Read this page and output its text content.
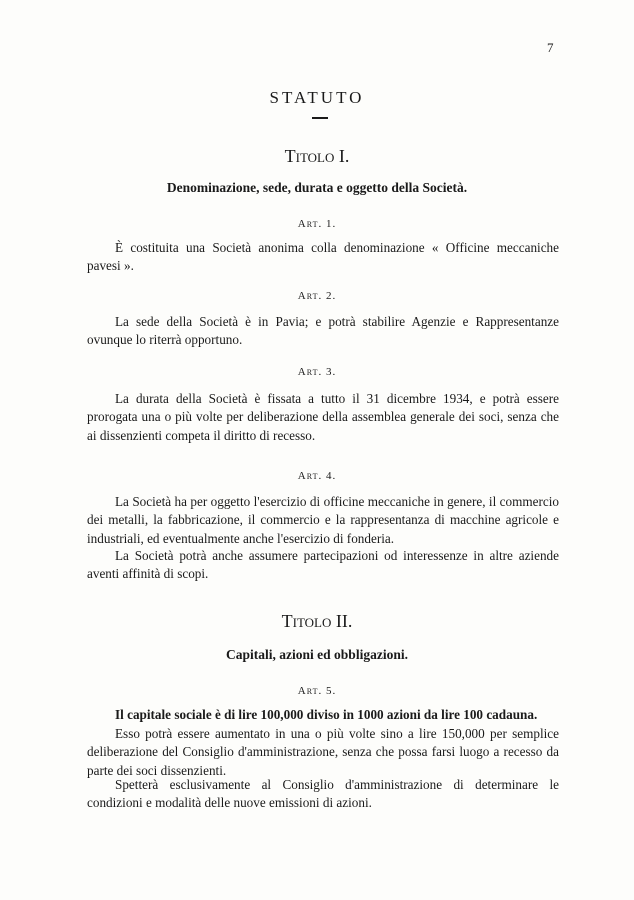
7
STATUTO
Titolo I.
Denominazione, sede, durata e oggetto della Società.
Art. 1.

È costituita una Società anonima colla denominazione « Officine meccaniche pavesi ».

Art. 2.

La sede della Società è in Pavia; e potrà stabilire Agenzie e Rappresentanze ovunque lo riterrà opportuno.

Art. 3.

La durata della Società è fissata a tutto il 31 dicembre 1934, e potrà essere prorogata una o più volte per deliberazione della assemblea generale dei soci, senza che ai dissenzienti competa il diritto di recesso.

Art. 4.

La Società ha per oggetto l'esercizio di officine meccaniche in genere, il commercio dei metalli, la fabbricazione, il commercio e la rappresentanza di macchine agricole e industriali, ed eventualmente anche l'esercizio di fonderia.

La Società potrà anche assumere partecipazioni od interessenze in altre aziende aventi affinità di scopi.

Titolo II.
Capitali, azioni ed obbligazioni.
Art. 5.

Il capitale sociale è di lire 100,000 diviso in 1000 azioni da lire 100 cadauna.

Esso potrà essere aumentato in una o più volte sino a lire 150,000 per semplice deliberazione del Consiglio d'amministrazione, senza che possa farsi luogo a recesso da parte dei soci dissenzienti.

Spetterà esclusivamente al Consiglio d'amministrazione di determinare le condizioni e modalità delle nuove emissioni di azioni.
